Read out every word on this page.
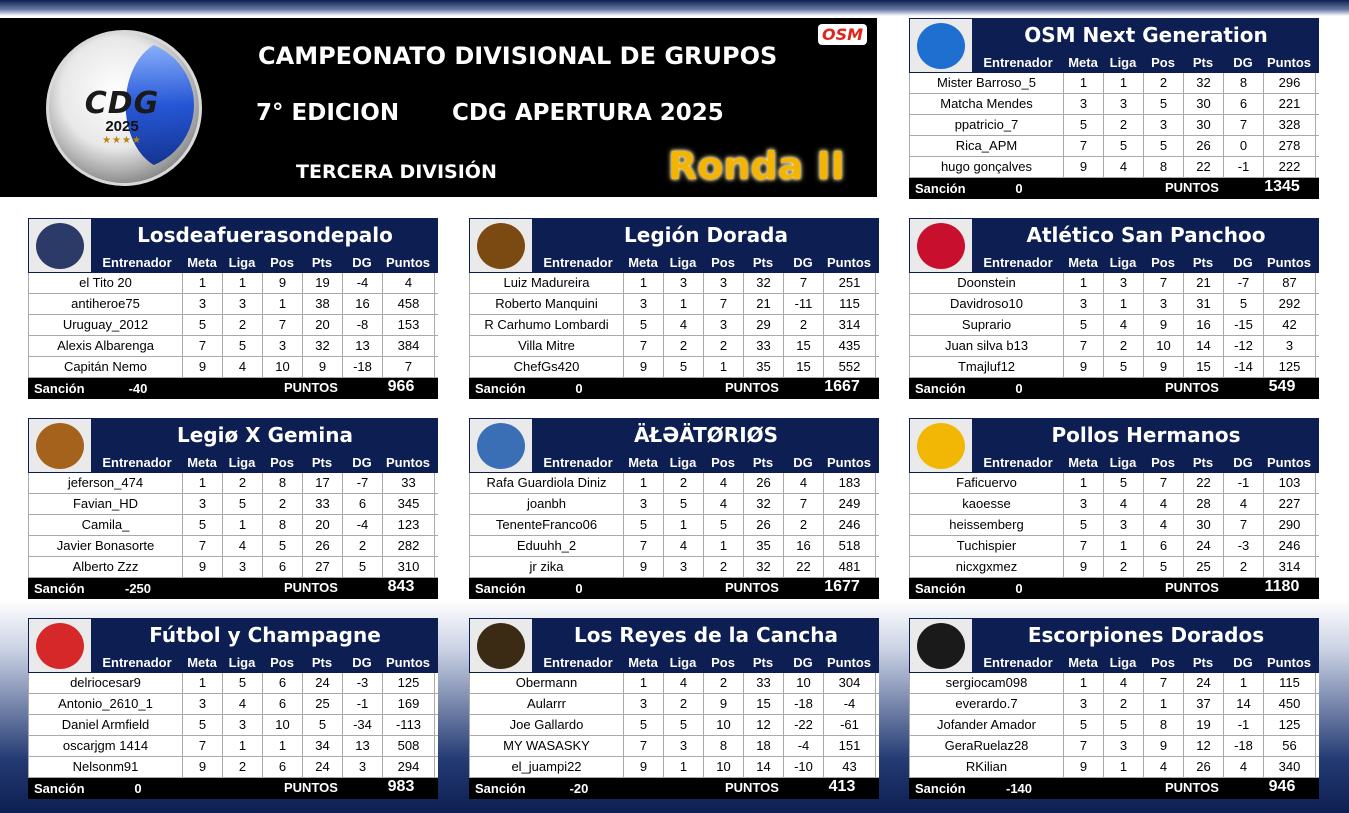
CDG
2025
★★★★
CAMPEONATO DIVISIONAL DE GRUPOS
7° EDICION CDG APERTURA 2025
TERCERA DIVISIÓN	Ronda II
OSM	OSM Next Generation
Entrenador	Meta Liga	Pos	Pts	DG	Puntos
Mister Barroso_5	1	1	2	32	8	296
Matcha Mendes	3	3	5	30	6	221
ppatricio_7	5	2	3	30	7	328
Rica_APM	7	5	5	26	0	278
hugo gonçalves	9	4	8	22	-1	222
Sanción	0	PUNTOS	1345
Losdeafuerasondepalo
Entrenador	Meta Liga	Pos	Pts	DG	Puntos
el Tito 20	1	1	9	19	-4	4
antiheroe75	3	3	1	38	16	458
Uruguay_2012	5	2	7	20	-8	153
Alexis Albarenga	7	5	3	32	13	384
Capitán Nemo	9	4	10	9	-18	7
Sanción	-40	PUNTOS	966
Legión Dorada
Entrenador	Meta Liga	Pos	Pts	DG	Puntos
Luiz Madureira	1	3	3	32	7	251
Roberto Manquini	3	1	7	21	-11	115
R Carhumo Lombardi	5	4	3	29	2	314
Villa Mitre	7	2	2	33	15	435
ChefGs420	9	5	1	35	15	552
Sanción	0	PUNTOS	1667
Atlético San Panchoo
Entrenador	Meta Liga	Pos	Pts	DG	Puntos
Doonstein	1	3	7	21	-7	87
Davidroso10	3	1	3	31	5	292
Suprario	5	4	9	16	-15	42
Juan silva b13	7	2	10	14	-12	3
Tmajluf12	9	5	9	15	-14	125
Sanción	0	PUNTOS	549
Legiø X Gemina
Entrenador	Meta Liga	Pos	Pts	DG	Puntos
jeferson_474	1	2	8	17	-7	33
Favian_HD	3	5	2	33	6	345
Camila_	5	1	8	20	-4	123
Javier Bonasorte	7	4	5	26	2	282
Alberto Zzz	9	3	6	27	5	310
Sanción	-250	PUNTOS	843
ÄŁƏÄTØRIØS
Entrenador	Meta Liga	Pos	Pts	DG	Puntos
Rafa Guardiola Diniz	1	2	4	26	4	183
joanbh	3	5	4	32	7	249
TenenteFranco06	5	1	5	26	2	246
Eduuhh_2	7	4	1	35	16	518
jr zika	9	3	2	32	22	481
Sanción	0	PUNTOS	1677
Pollos Hermanos
Entrenador	Meta Liga	Pos	Pts	DG	Puntos
Faficuervo	1	5	7	22	-1	103
kaoesse	3	4	4	28	4	227
heissemberg	5	3	4	30	7	290
Tuchispier	7	1	6	24	-3	246
nicxgxmez	9	2	5	25	2	314
Sanción	0	PUNTOS	1180
Fútbol y Champagne
Entrenador	Meta Liga	Pos	Pts	DG	Puntos
delriocesar9	1	5	6	24	-3	125
Antonio_2610_1	3	4	6	25	-1	169
Daniel Armfield	5	3	10	5	-34	-113
oscarjgm 1414	7	1	1	34	13	508
Nelsonm91	9	2	6	24	3	294
Sanción	0	PUNTOS	983
Los Reyes de la Cancha
Entrenador	Meta Liga	Pos	Pts	DG	Puntos
Obermann	1	4	2	33	10	304
Aularrr	3	2	9	15	-18	-4
Joe Gallardo	5	5	10	12	-22	-61
MY WASASKY	7	3	8	18	-4	151
el_juampi22	9	1	10	14	-10	43
Sanción	-20	PUNTOS	413
Escorpiones Dorados
Entrenador	Meta Liga	Pos	Pts	DG	Puntos
sergiocam098	1	4	7	24	1	115
everardo.7	3	2	1	37	14	450
Jofander Amador	5	5	8	19	-1	125
GeraRuelaz28	7	3	9	12	-18	56
RKilian	9	1	4	26	4	340
Sanción	-140	PUNTOS	946
